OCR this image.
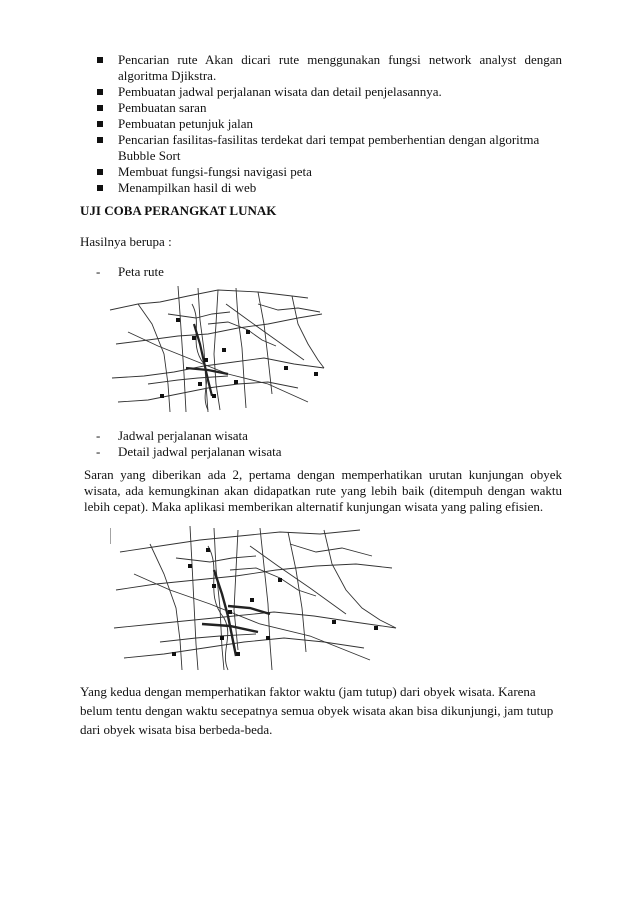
Pencarian rute Akan dicari rute menggunakan fungsi network analyst dengan
algoritma Djikstra.
Pembuatan jadwal perjalanan wisata dan detail penjelasannya.
Pembuatan saran
Pembuatan petunjuk jalan
Pencarian fasilitas-fasilitas terdekat dari tempat pemberhentian dengan algoritma
Bubble Sort
Membuat fungsi-fungsi navigasi peta
Menampilkan hasil di web
UJI COBA PERANGKAT LUNAK
Hasilnya berupa :
- Peta rute
- Jadwal perjalanan wisata
- Detail jadwal perjalanan wisata

Saran yang diberikan ada 2, pertama dengan memperhatikan urutan kunjungan obyek wisata, ada kemungkinan akan didapatkan rute yang lebih baik (ditempuh dengan waktu lebih cepat). Maka aplikasi memberikan alternatif kunjungan wisata yang paling efisien.

Yang kedua dengan memperhatikan faktor waktu (jam tutup) dari obyek wisata. Karena
belum tentu dengan waktu secepatnya semua obyek wisata akan bisa dikunjungi, jam tutup
dari obyek wisata bisa berbeda-beda.
